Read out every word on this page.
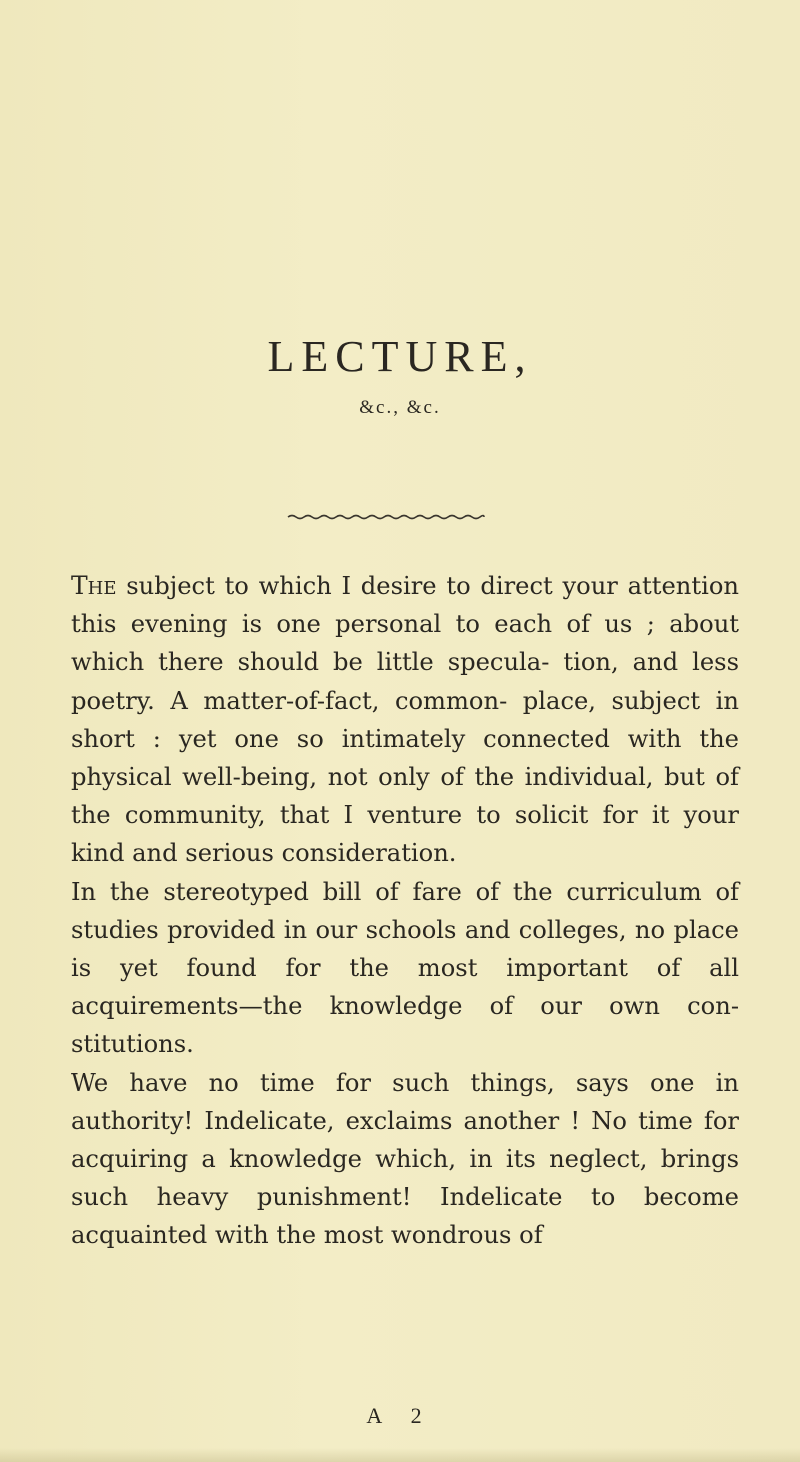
LECTURE,
&c., &c.

The subject to which I desire to direct your attention this evening is one personal to each of us ; about which there should be little specula- tion, and less poetry. A matter-of-fact, common- place, subject in short : yet one so intimately connected with the physical well-being, not only of the individual, but of the community, that I venture to solicit for it your kind and serious consideration.

In the stereotyped bill of fare of the curriculum of studies provided in our schools and colleges, no place is yet found for the most important of all acquirements—the knowledge of our own con- stitutions.

We have no time for such things, says one in authority! Indelicate, exclaims another ! No time for acquiring a knowledge which, in its neglect, brings such heavy punishment! Indelicate to become acquainted with the most wondrous of

A 2
